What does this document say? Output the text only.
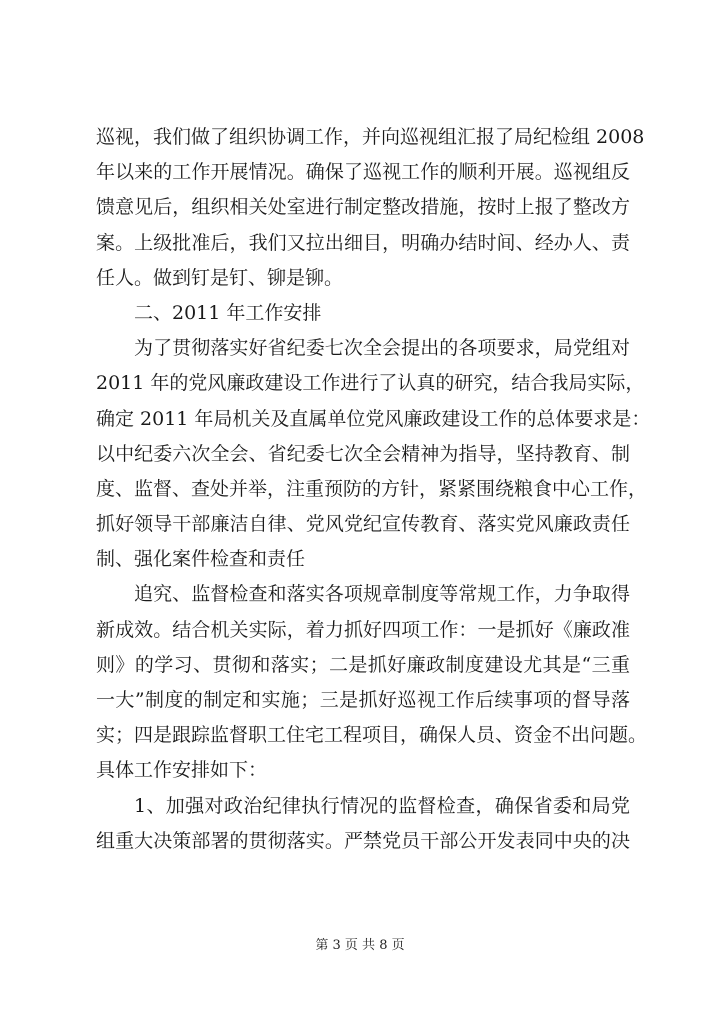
巡视，我们做了组织协调工作，并向巡视组汇报了局纪检组 2008
年以来的工作开展情况。确保了巡视工作的顺利开展。巡视组反
馈意见后，组织相关处室进行制定整改措施，按时上报了整改方
案。上级批准后，我们又拉出细目，明确办结时间、经办人、责
任人。做到钉是钉、铆是铆。
二、2011 年工作安排
为了贯彻落实好省纪委七次全会提出的各项要求，局党组对
2011 年的党风廉政建设工作进行了认真的研究，结合我局实际，
确定 2011 年局机关及直属单位党风廉政建设工作的总体要求是：
以中纪委六次全会、省纪委七次全会精神为指导，坚持教育、制
度、监督、查处并举，注重预防的方针，紧紧围绕粮食中心工作，
抓好领导干部廉洁自律、党风党纪宣传教育、落实党风廉政责任
制、强化案件检查和责任
追究、监督检查和落实各项规章制度等常规工作，力争取得
新成效。结合机关实际，着力抓好四项工作：一是抓好《廉政准
则》的学习、贯彻和落实；二是抓好廉政制度建设尤其是“三重
一大”制度的制定和实施；三是抓好巡视工作后续事项的督导落
实；四是跟踪监督职工住宅工程项目，确保人员、资金不出问题。
具体工作安排如下：
1、加强对政治纪律执行情况的监督检查，确保省委和局党
组重大决策部署的贯彻落实。严禁党员干部公开发表同中央的决
第 3 页 共 8 页
